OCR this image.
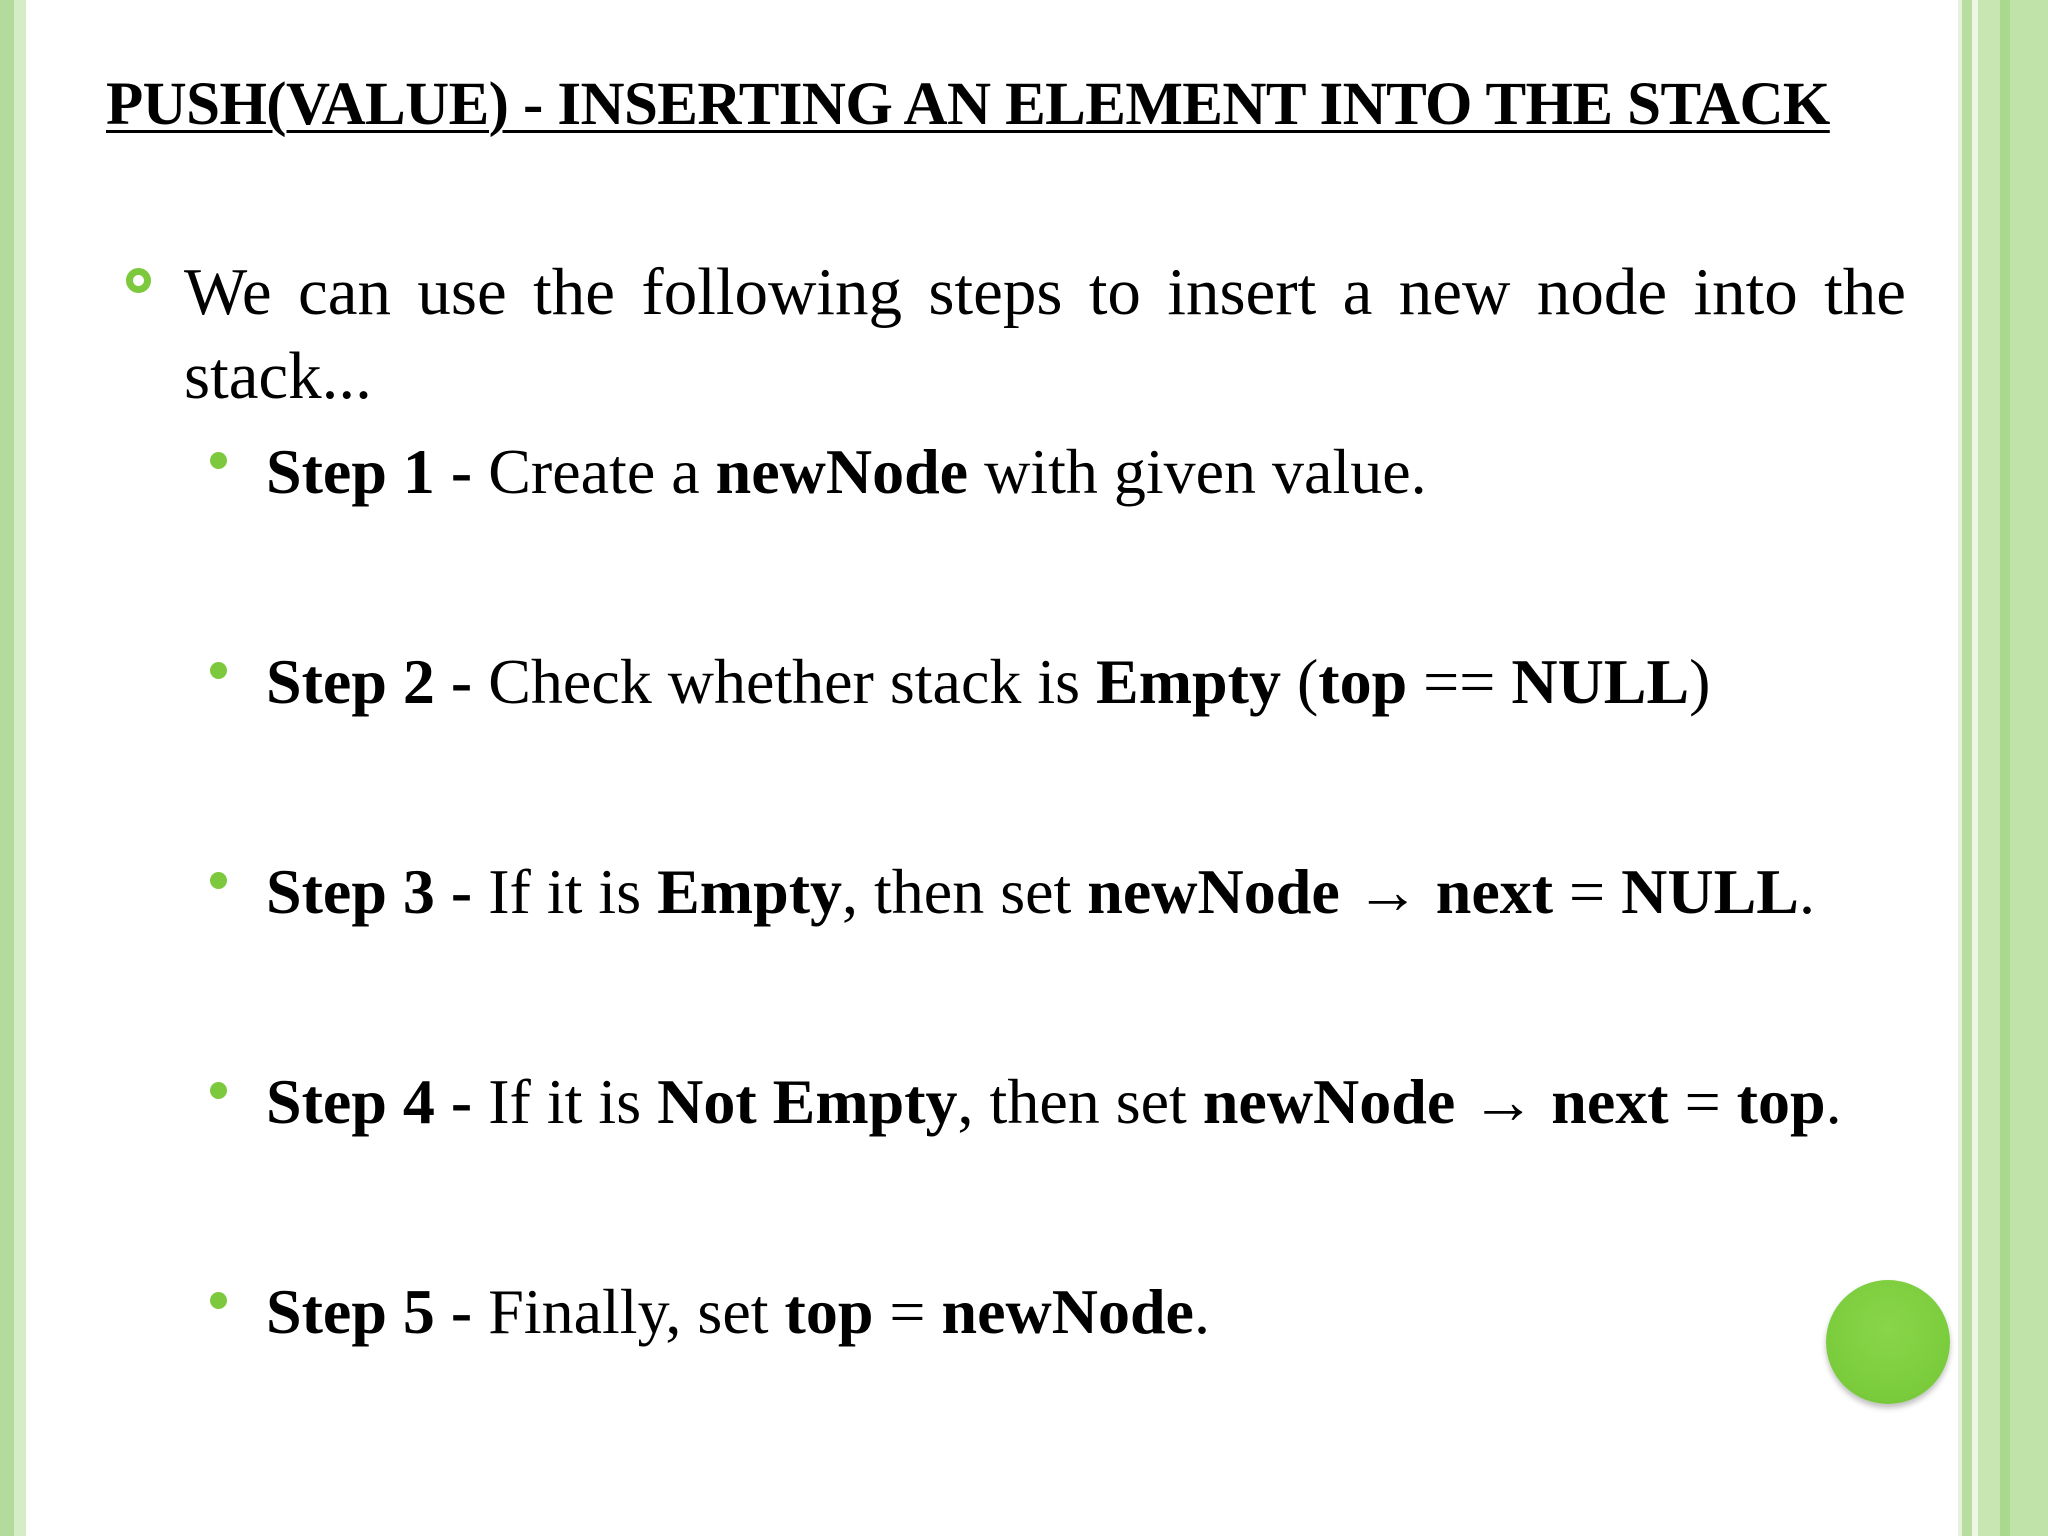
PUSH(VALUE) - INSERTING AN ELEMENT INTO THE STACK
We can use the following steps to insert a new node into the stack...
Step 1 - Create a newNode with given value.
Step 2 - Check whether stack is Empty (top == NULL)
Step 3 - If it is Empty, then set newNode → next = NULL.
Step 4 - If it is Not Empty, then set newNode → next = top.
Step 5 - Finally, set top = newNode.
